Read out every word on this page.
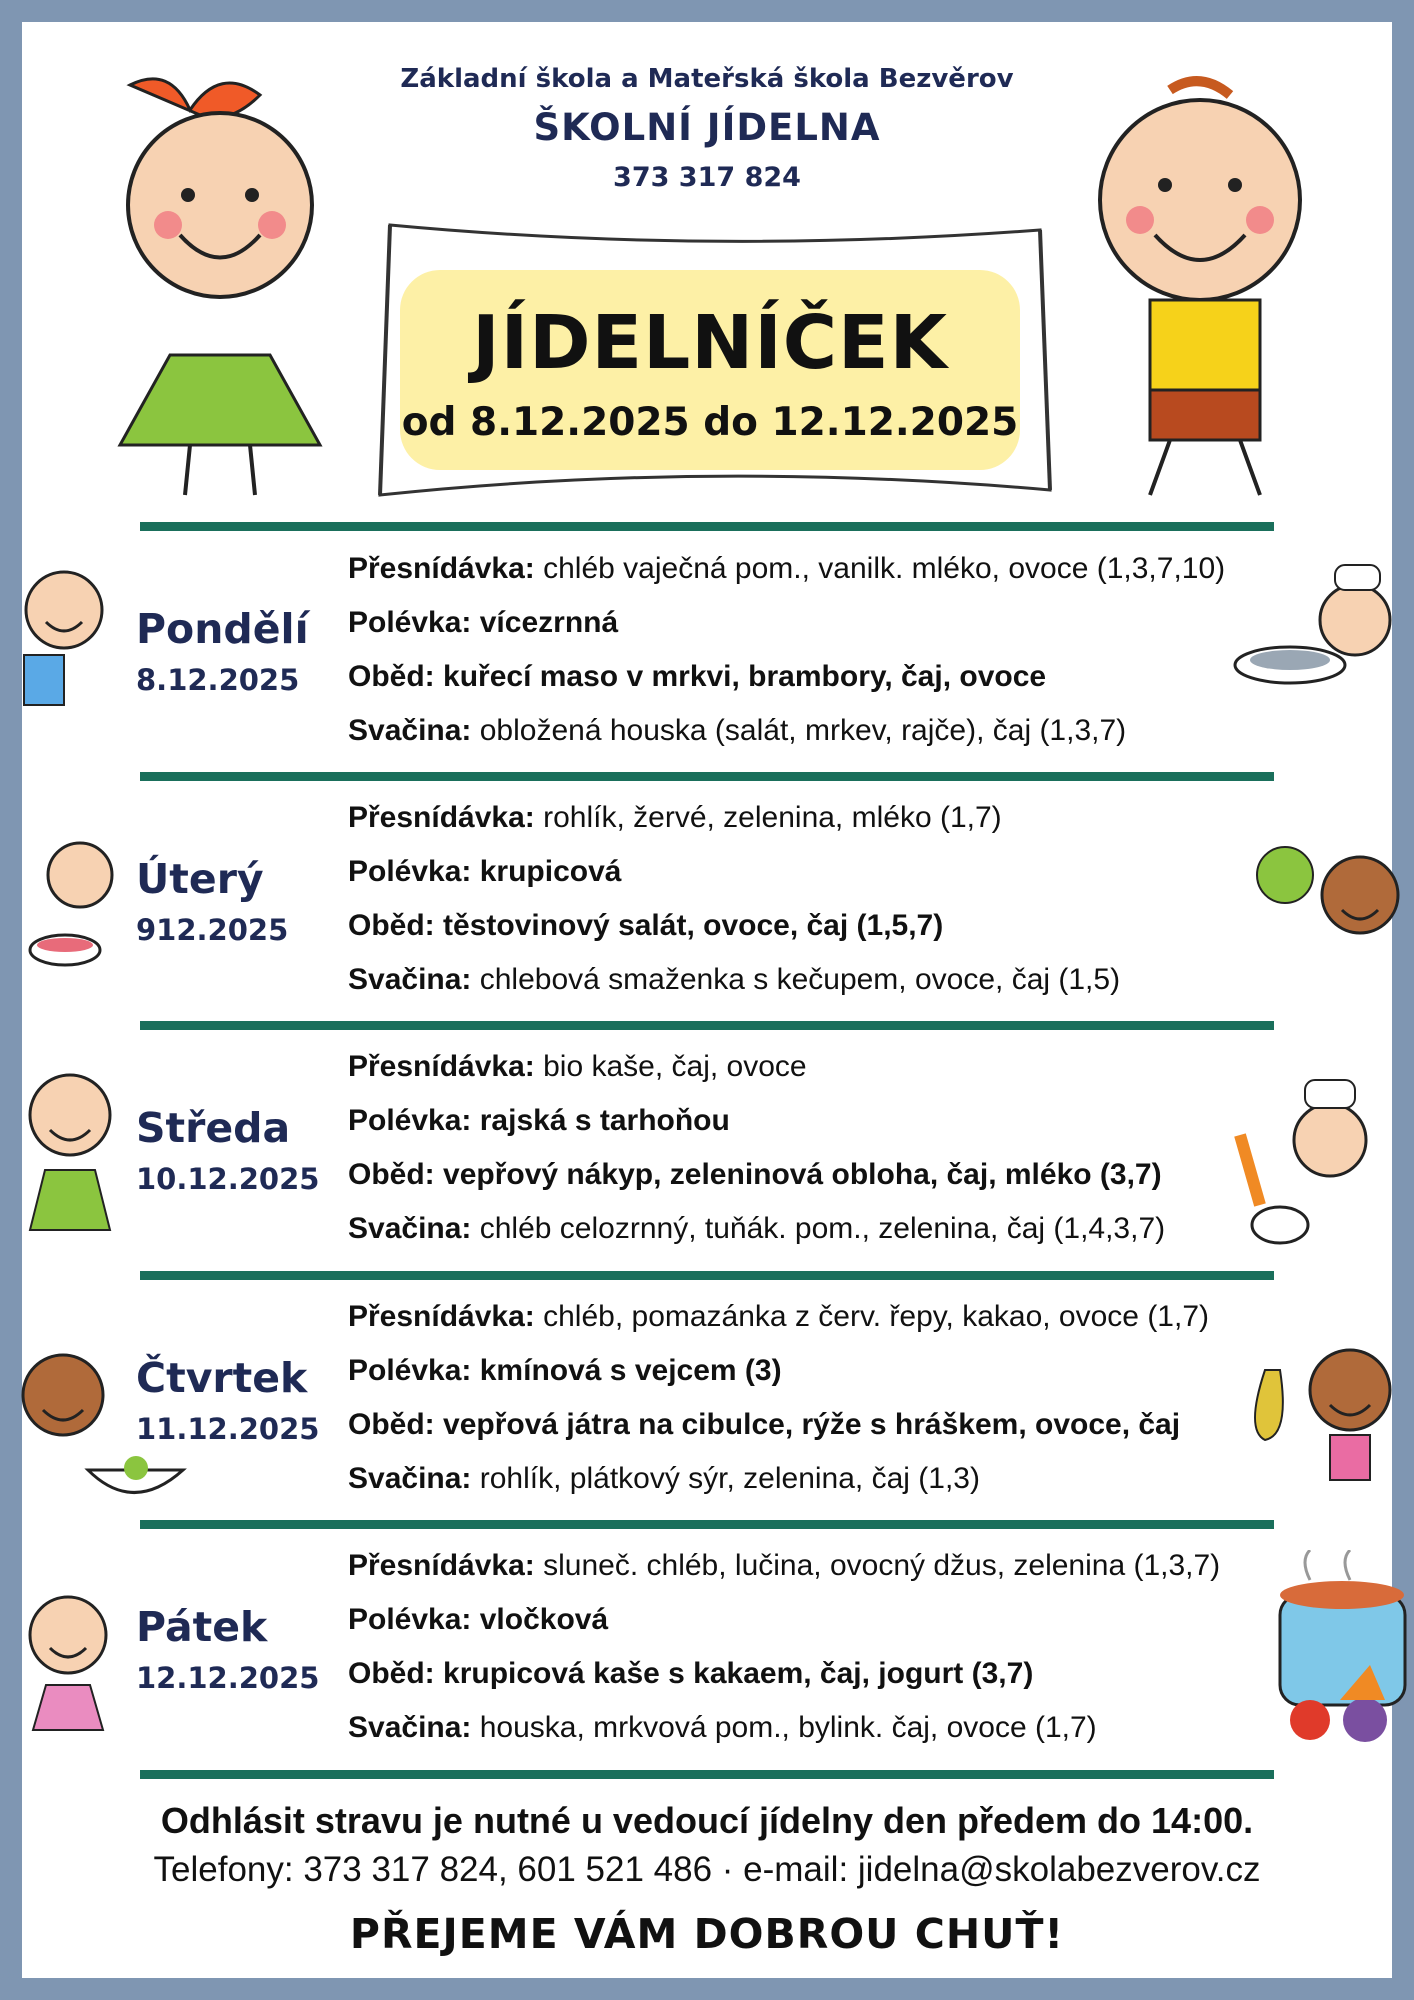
Základní škola a Mateřská škola Bezvěrov
ŠKOLNÍ JÍDELNA
373 317 824
JÍDELNÍČEK
od 8.12.2025 do 12.12.2025
Pondělí
8.12.2025
Přesnídávka: chléb vaječná pom., vanilk. mléko, ovoce (1,3,7,10)
Polévka: vícezrnná
Oběd: kuřecí maso v mrkvi, brambory, čaj, ovoce
Svačina: obložená houska (salát, mrkev, rajče), čaj (1,3,7)
Úterý
912.2025
Přesnídávka: rohlík, žervé, zelenina, mléko (1,7)
Polévka: krupicová
Oběd: těstovinový salát, ovoce, čaj (1,5,7)
Svačina: chlebová smaženka s kečupem, ovoce, čaj (1,5)
Středa
10.12.2025
Přesnídávka: bio kaše, čaj, ovoce
Polévka: rajská s tarhoňou
Oběd: vepřový nákyp, zeleninová obloha, čaj, mléko (3,7)
Svačina: chléb celozrnný, tuňák. pom., zelenina, čaj (1,4,3,7)
Čtvrtek
11.12.2025
Přesnídávka: chléb, pomazánka z červ. řepy, kakao, ovoce (1,7)
Polévka: kmínová s vejcem (3)
Oběd: vepřová játra na cibulce, rýže s hráškem, ovoce, čaj
Svačina: rohlík, plátkový sýr, zelenina, čaj (1,3)
Pátek
12.12.2025
Přesnídávka: sluneč. chléb, lučina, ovocný džus, zelenina (1,3,7)
Polévka: vločková
Oběd: krupicová kaše s kakaem, čaj, jogurt (3,7)
Svačina: houska, mrkvová pom., bylink. čaj, ovoce (1,7)
Odhlásit stravu je nutné u vedoucí jídelny den předem do 14:00.
Telefony: 373 317 824, 601 521 486 · e-mail: jidelna@skolabezverov.cz
PŘEJEME VÁM DOBROU CHUŤ!
